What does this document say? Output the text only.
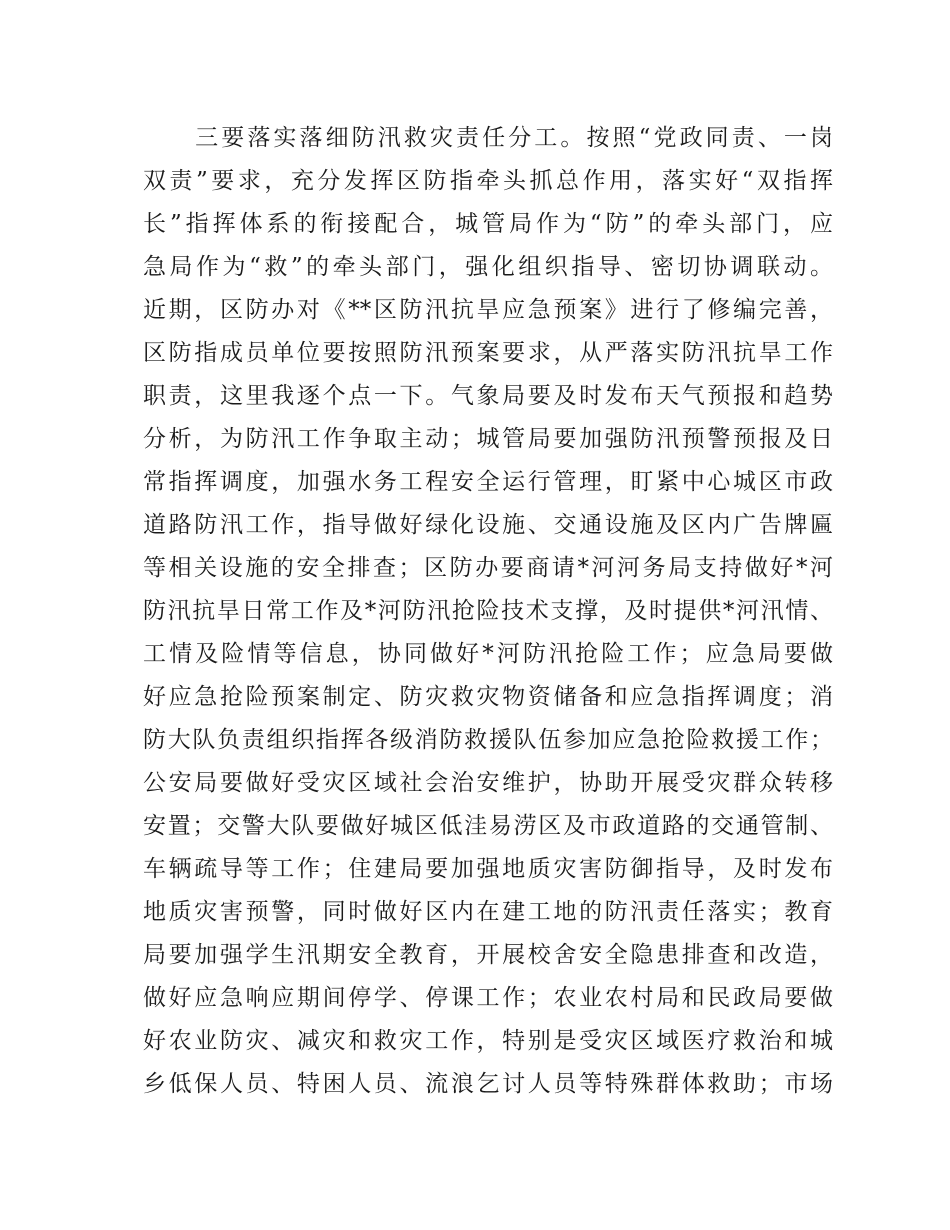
　　三要落实落细防汛救灾责任分工。按照“党政同责、一岗
双责”要求，充分发挥区防指牵头抓总作用，落实好“双指挥
长”指挥体系的衔接配合，城管局作为“防”的牵头部门，应
急局作为“救”的牵头部门，强化组织指导、密切协调联动。
近期，区防办对《**区防汛抗旱应急预案》进行了修编完善，
区防指成员单位要按照防汛预案要求，从严落实防汛抗旱工作
职责，这里我逐个点一下。气象局要及时发布天气预报和趋势
分析，为防汛工作争取主动；城管局要加强防汛预警预报及日
常指挥调度，加强水务工程安全运行管理，盯紧中心城区市政
道路防汛工作，指导做好绿化设施、交通设施及区内广告牌匾
等相关设施的安全排查；区防办要商请*河河务局支持做好*河
防汛抗旱日常工作及*河防汛抢险技术支撑，及时提供*河汛情、
工情及险情等信息，协同做好*河防汛抢险工作；应急局要做
好应急抢险预案制定、防灾救灾物资储备和应急指挥调度；消
防大队负责组织指挥各级消防救援队伍参加应急抢险救援工作；
公安局要做好受灾区域社会治安维护，协助开展受灾群众转移
安置；交警大队要做好城区低洼易涝区及市政道路的交通管制、
车辆疏导等工作；住建局要加强地质灾害防御指导，及时发布
地质灾害预警，同时做好区内在建工地的防汛责任落实；教育
局要加强学生汛期安全教育，开展校舍安全隐患排查和改造，
做好应急响应期间停学、停课工作；农业农村局和民政局要做
好农业防灾、减灾和救灾工作，特别是受灾区域医疗救治和城
乡低保人员、特困人员、流浪乞讨人员等特殊群体救助；市场
